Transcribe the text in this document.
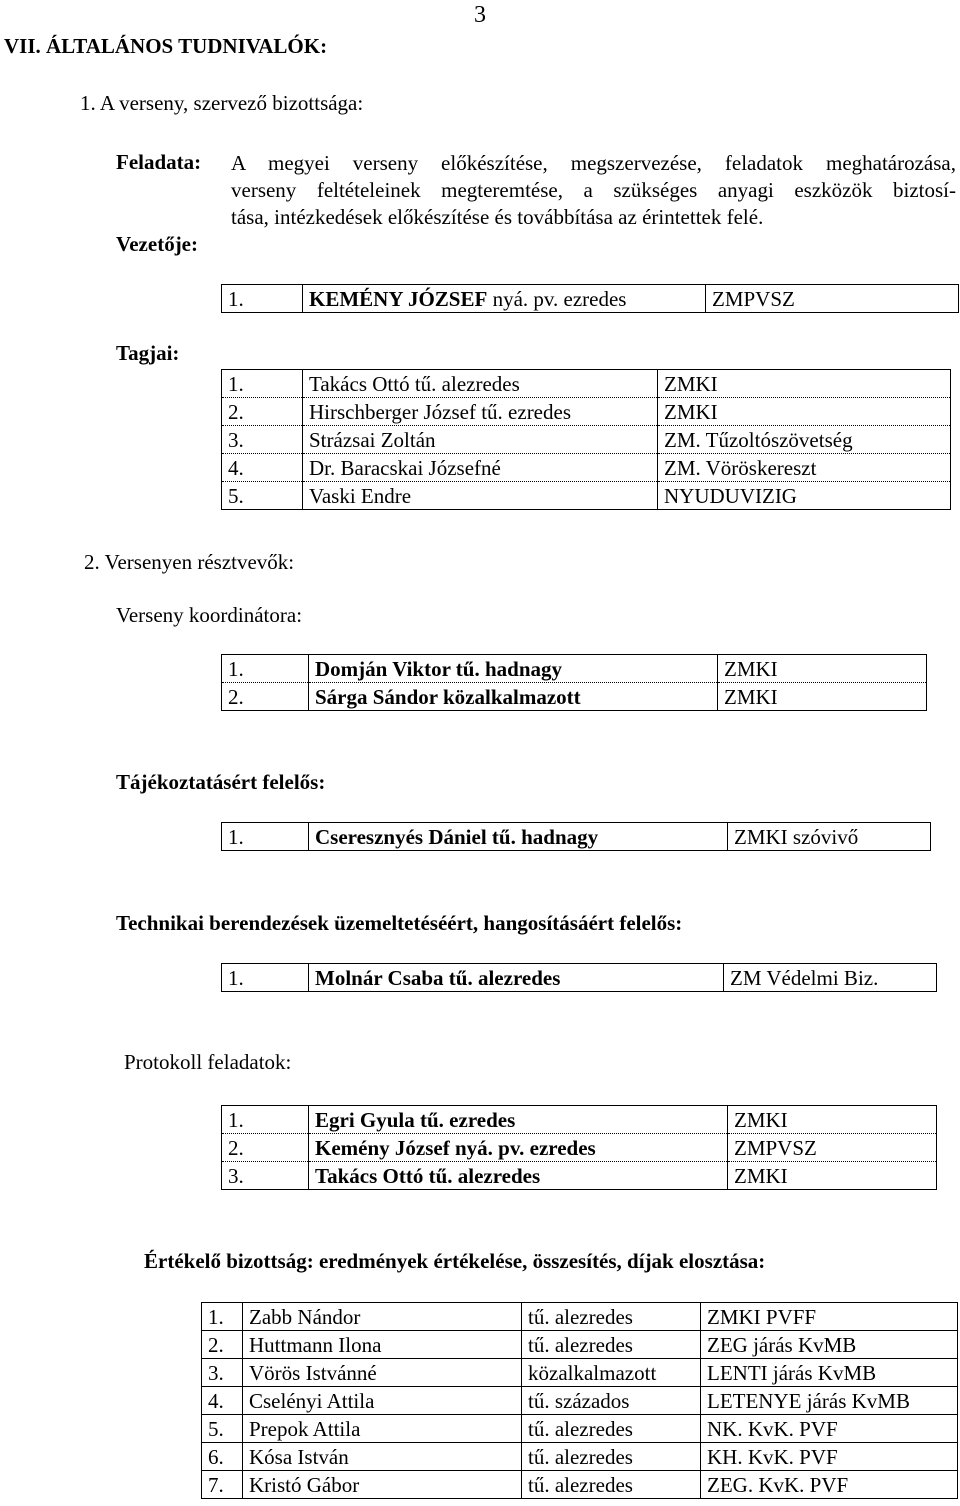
VII. ÁLTALÁNOS TUDNIVALÓK:
3
1. A verseny, szervező bizottsága:
Feladata: A megyei verseny előkészítése, megszervezése, feladatok meghatározása,
verseny feltételeinek megteremtése, a szükséges anyagi eszközök biztosí-
tása, intézkedések előkészítése és továbbítása az érintettek felé.
Vezetője:
1.	KEMÉNY JÓZSEF nyá. pv. ezredes	ZMPVSZ
Tagjai:
1.	Takács Ottó tű. alezredes	ZMKI
2.	Hirschberger József tű. ezredes	ZMKI
3.	Strázsai Zoltán	ZM. Tűzoltószövetség
4.	Dr. Baracskai Józsefné	ZM. Vöröskereszt
5.	Vaski Endre	NYUDUVIZIG
2. Versenyen résztvevők:
Verseny koordinátora:
1.	Domján Viktor tű. hadnagy	ZMKI
2.	Sárga Sándor közalkalmazott	ZMKI
Tájékoztatásért felelős:
1.	Cseresznyés Dániel tű. hadnagy	ZMKI szóvivő
Technikai berendezések üzemeltetéséért, hangosításáért felelős:
1.	Molnár Csaba tű. alezredes	ZM Védelmi Biz.
Protokoll feladatok:
1.	Egri Gyula tű. ezredes	ZMKI
2.	Kemény József nyá. pv. ezredes	ZMPVSZ
3.	Takács Ottó tű. alezredes	ZMKI
Értékelő bizottság: eredmények értékelése, összesítés, díjak elosztása:
1.	Zabb Nándor	tű. alezredes	ZMKI PVFF
2.	Huttmann Ilona	tű. alezredes	ZEG járás KvMB
3.	Vörös Istvánné	közalkalmazott	LENTI járás KvMB
4.	Cselényi Attila	tű. százados	LETENYE járás KvMB
5.	Prepok Attila	tű. alezredes	NK. KvK. PVF
6.	Kósa István	tű. alezredes	KH. KvK. PVF
7.	Kristó Gábor	tű. alezredes	ZEG. KvK. PVF
